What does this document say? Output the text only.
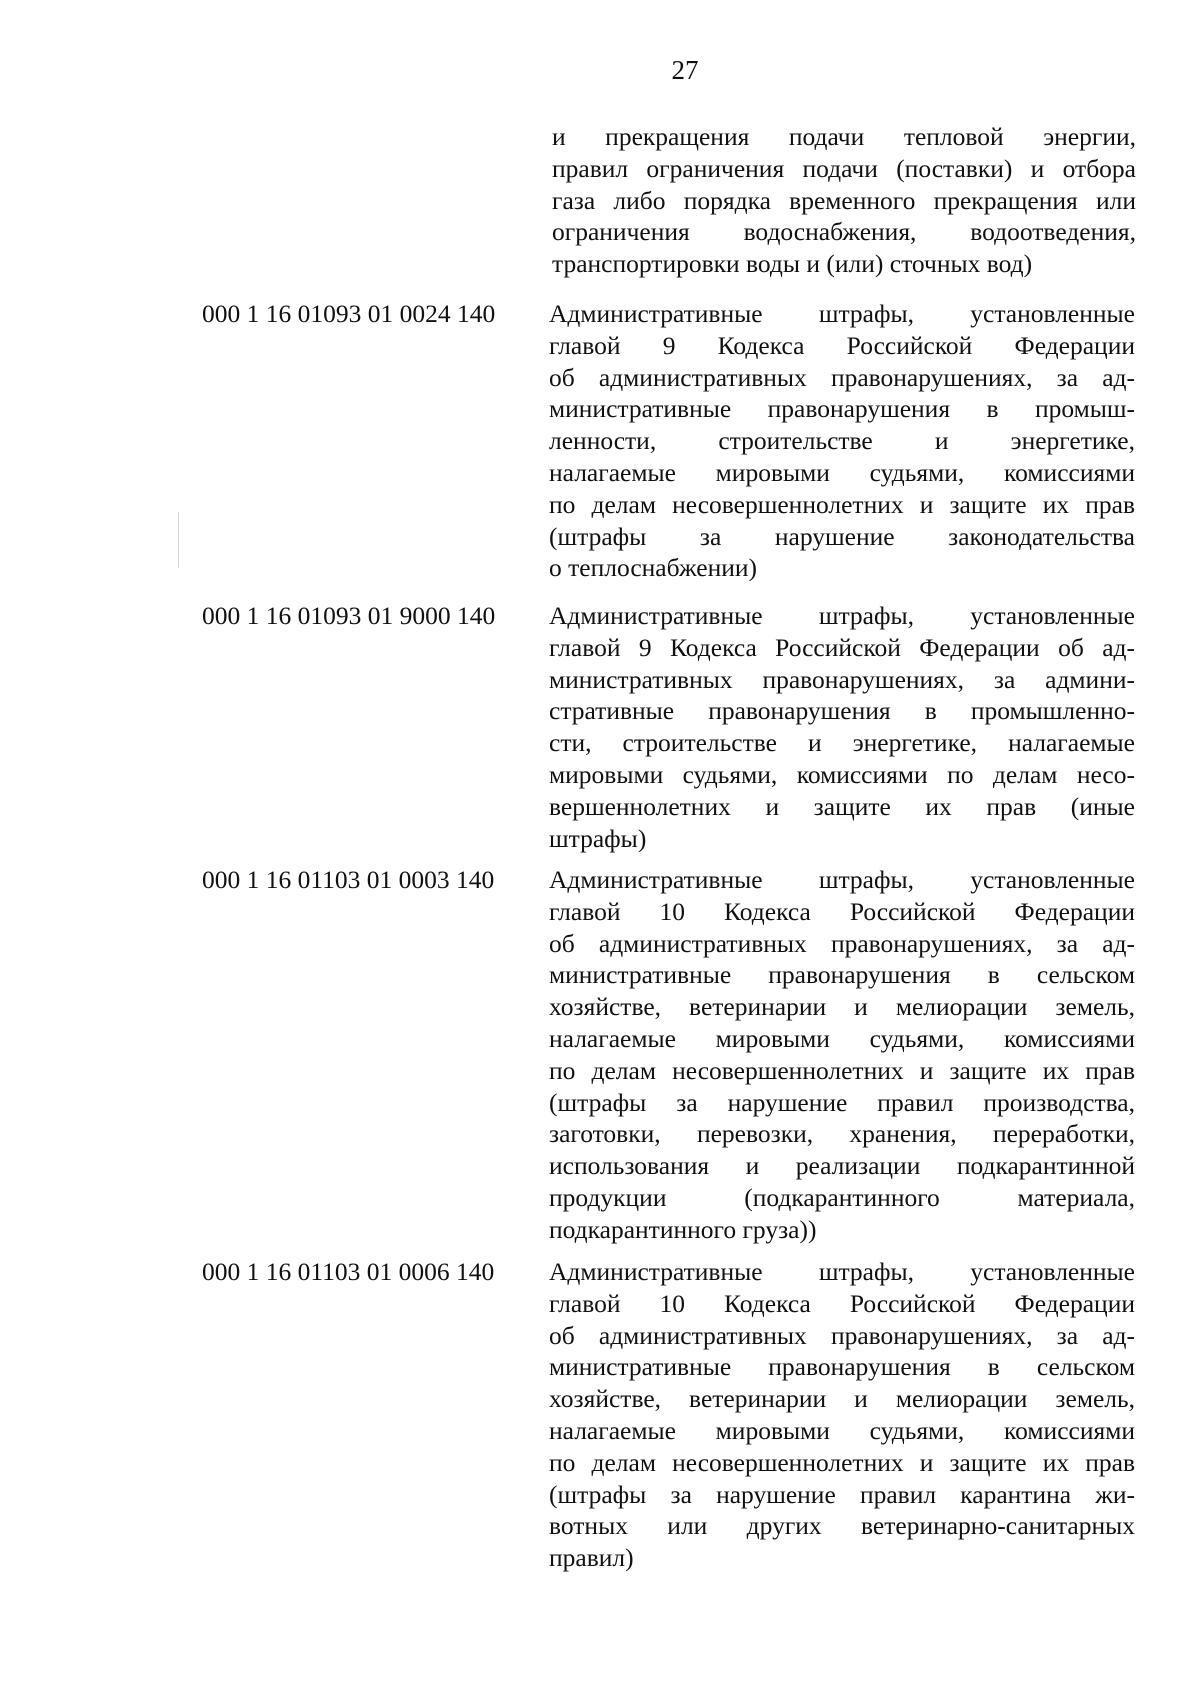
27
и прекращения подачи тепловой энергии,
правил ограничения подачи (поставки) и отбора
газа либо порядка временного прекращения или
ограничения водоснабжения, водоотведения,
транспортировки воды и (или) сточных вод)
000 1 16 01093 01 0024 140	Административные штрафы, установленные
главой 9 Кодекса Российской Федерации
об административных правонарушениях, за ад-
министративные правонарушения в промыш-
ленности, строительстве и энергетике,
налагаемые мировыми судьями, комиссиями
по делам несовершеннолетних и защите их прав
(штрафы за нарушение законодательства
о теплоснабжении)
000 1 16 01093 01 9000 140	Административные штрафы, установленные
главой 9 Кодекса Российской Федерации об ад-
министративных правонарушениях, за админи-
стративные правонарушения в промышленно-
сти, строительстве и энергетике, налагаемые
мировыми судьями, комиссиями по делам несо-
вершеннолетних и защите их прав (иные
штрафы)
000 1 16 01103 01 0003 140	Административные штрафы, установленные
главой 10 Кодекса Российской Федерации
об административных правонарушениях, за ад-
министративные правонарушения в сельском
хозяйстве, ветеринарии и мелиорации земель,
налагаемые мировыми судьями, комиссиями
по делам несовершеннолетних и защите их прав
(штрафы за нарушение правил производства,
заготовки, перевозки, хранения, переработки,
использования и реализации подкарантинной
продукции (подкарантинного материала,
подкарантинного груза))
000 1 16 01103 01 0006 140	Административные штрафы, установленные
главой 10 Кодекса Российской Федерации
об административных правонарушениях, за ад-
министративные правонарушения в сельском
хозяйстве, ветеринарии и мелиорации земель,
налагаемые мировыми судьями, комиссиями
по делам несовершеннолетних и защите их прав
(штрафы за нарушение правил карантина жи-
вотных или других ветеринарно-санитарных
правил)
